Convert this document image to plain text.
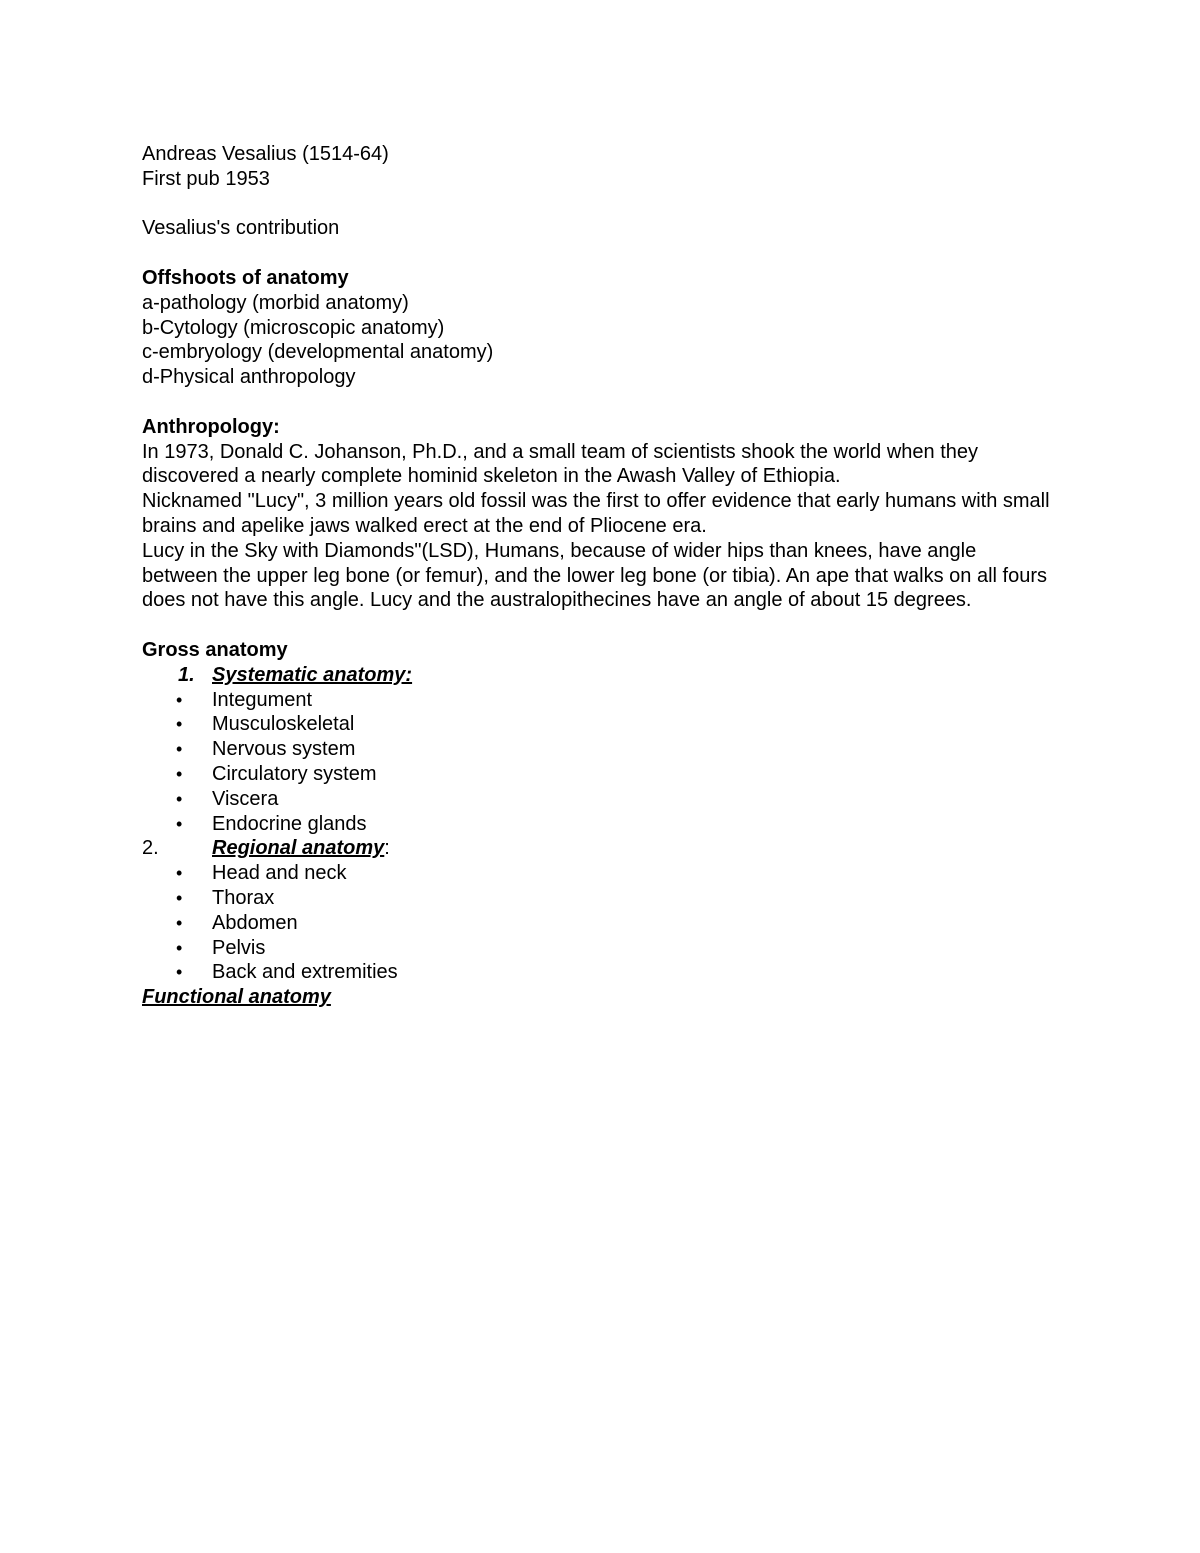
Andreas Vesalius (1514-64)
First pub 1953
Vesalius's contribution
Offshoots of anatomy
a-pathology (morbid anatomy)
b-Cytology (microscopic anatomy)
c-embryology (developmental anatomy)
d-Physical anthropology
Anthropology:
In 1973, Donald C. Johanson, Ph.D., and a small team of scientists shook the world when they discovered a nearly complete hominid skeleton in the Awash Valley of Ethiopia.
Nicknamed "Lucy", 3 million years old fossil was the first to offer evidence that early humans with small brains and apelike jaws walked erect at the end of Pliocene era.
Lucy in the Sky with Diamonds"(LSD), Humans, because of wider hips than knees, have angle between the upper leg bone (or femur), and the lower leg bone (or tibia). An ape that walks on all fours does not have this angle. Lucy and the australopithecines have an angle of about 15 degrees.
Gross anatomy
1. Systematic anatomy:
•Integument
•Musculoskeletal
•Nervous system
•Circulatory system
•Viscera
•Endocrine glands
2.	Regional anatomy:
•Head and neck
•Thorax
•Abdomen
•Pelvis
•Back and extremities
Functional anatomy
